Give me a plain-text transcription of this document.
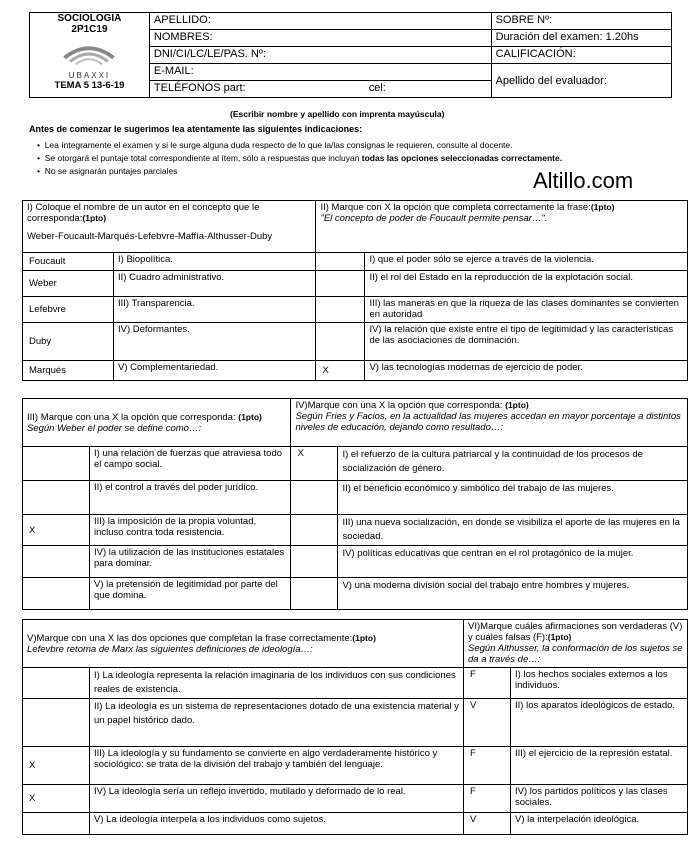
SOCIOLOGIA
2P1C19
UBAXXI
TEMA 5 13-6-19	APELLIDO:	SOBRE Nº:
	NOMBRES:	Duración del examen: 1.20hs
	DNI/CI/LC/LE/PAS. Nº:	CALIFICACIÓN:
	E-MAIL:	Apellido del evaluador:
	TELÉFONOS part: cel:	
(Escribir nombre y apellido con imprenta mayúscula)
Antes de comenzar le sugerimos lea atentamente las siguientes indicaciones:
•  Lea íntegramente el examen y si le surge alguna duda respecto de lo que la/las consignas le requieren, consulte al docente.
•  Se otorgará el puntaje total correspondiente al ítem, sólo a respuestas que incluyan todas las opciones seleccionadas correctamente.
•  No se asignarán puntajes parciales	Altillo.com
I) Coloque el nombre de un autor en el concepto que le corresponda:(1pto)
Weber-Foucault-Marqués-Lefebvre-Maffía-Althusser-Duby		II) Marque con X la opción que completa correctamente la frase:(1pto)
"El concepto de poder de Foucault permite pensar…".	

Foucault	I) Biopolítica.		I) que el poder sólo se ejerce a través de la violencia.
Weber	II) Cuadro administrativo.		II) el rol del Estado en la reproducción de la explotación social.
Lefebvre	III) Transparencia.		III) las maneras en que la riqueza de las clases dominantes se convierten en autoridad
Duby	IV) Deformantes.		IV) la relación que existe entre el tipo de legitimidad y las características de las asociaciones de dominación.
Marqués	V) Complementariedad.	X	V) las tecnologías modernas de ejercicio de poder.
III) Marque con una X la opción que corresponda: (1pto)
Según Weber el poder se define como…:		IV)Marque con una X la opción que corresponda: (1pto)
Según Fries y Facios, en la actualidad las mujeres accedan en mayor porcentaje a distintos niveles de educación, dejando como resultado…:	

	I) una relación de fuerzas que atraviesa todo el campo social.	X	I) el refuerzo de la cultura patriarcal y la continuidad de los procesos de socialización de género.
	II) el control a través del poder jurídico.		II) el beneficio económico y simbólico del trabajo de las mujeres.
X	III) la imposición de la propia voluntad, incluso contra toda resistencia.		III) una nueva socialización, en donde se visibiliza el aporte de las mujeres en la sociedad.
	IV) la utilización de las instituciones estatales para dominar.		IV) políticas educativas que centran en el rol protagónico de la mujer.
	V) la pretensión de legitimidad por parte del que domina.		V) una moderna división social del trabajo entre hombres y mujeres.
V)Marque con una X las dos opciones que completan la frase correctamente:(1pto)
Lefevbre retoma de Marx las siguientes definiciones de ideología…:		VI)Marque cuáles afirmaciones son verdaderas (V) y cuáles falsas (F):(1pto)
Según Althusser, la conformación de los sujetos se da a través de…:	

	I) La ideología representa la relación imaginaria de los individuos con sus condiciones reales de existencia.	F	I) los hechos sociales externos a los individuos.
	II) La ideología es un sistema de representaciones dotado de una existencia material y un papel histórico dado.	V	II) los aparatos ideológicos de estado.
X	III) La ideología y su fundamento se convierte en algo verdaderamente histórico y sociológico: se trata de la división del trabajo y también del lenguaje.	F	III) el ejercicio de la represión estatal.
X	IV) La ideología sería un reflejo invertido, mutilado y deformado de lo real.	F	IV) los partidos políticos y las clases sociales.
	V) La ideología interpela a los individuos como sujetos.	V	V) la interpelación ideológica.
